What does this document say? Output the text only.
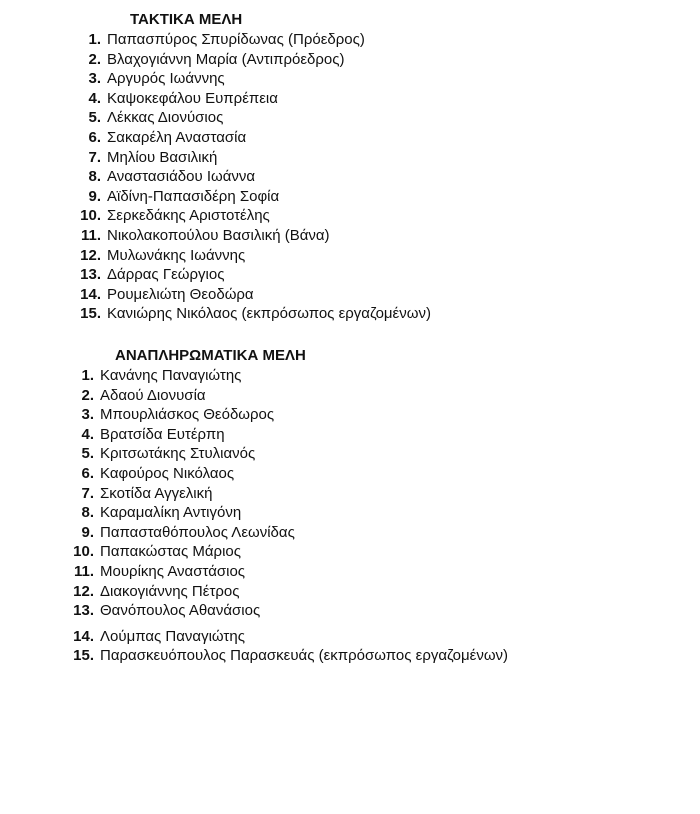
ΤΑΚΤΙΚΑ ΜΕΛΗ
1. Παπασπύρος Σπυρίδωνας (Πρόεδρος)
2. Βλαχογιάννη Μαρία (Αντιπρόεδρος)
3. Αργυρός Ιωάννης
4. Καψοκεφάλου Ευπρέπεια
5. Λέκκας Διονύσιος
6. Σακαρέλη Αναστασία
7. Μηλίου Βασιλική
8. Αναστασιάδου Ιωάννα
9. Αϊδίνη-Παπασιδέρη Σοφία
10. Σερκεδάκης Αριστοτέλης
11. Νικολακοπούλου Βασιλική (Βάνα)
12. Μυλωνάκης Ιωάννης
13. Δάρρας Γεώργιος
14. Ρουμελιώτη Θεοδώρα
15. Κανιώρης Νικόλαος (εκπρόσωπος εργαζομένων)
ΑΝΑΠΛΗΡΩΜΑΤΙΚΑ ΜΕΛΗ
1. Κανάνης Παναγιώτης
2. Αδαού Διονυσία
3. Μπουρλιάσκος Θεόδωρος
4. Βρατσίδα Ευτέρπη
5. Κριτσωτάκης Στυλιανός
6. Καφούρος Νικόλαος
7. Σκοτίδα Αγγελική
8. Καραμαλίκη Αντιγόνη
9. Παπασταθόπουλος Λεωνίδας
10. Παπακώστας Μάριος
11. Μουρίκης Αναστάσιος
12. Διακογιάννης Πέτρος
13. Θανόπουλος Αθανάσιος
14. Λούμπας Παναγιώτης
15. Παρασκευόπουλος Παρασκευάς (εκπρόσωπος εργαζομένων)
